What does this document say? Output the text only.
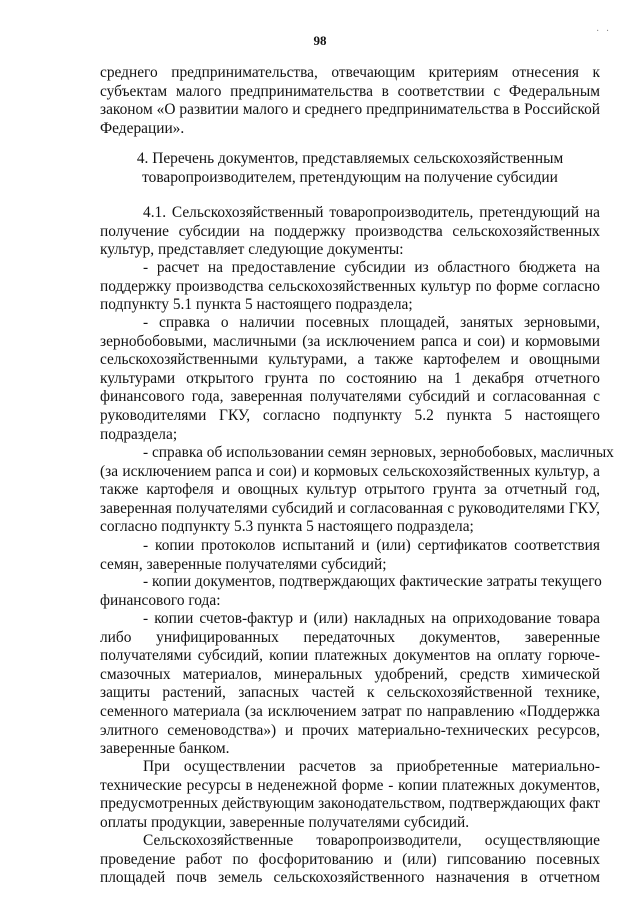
98
· ·
среднего предпринимательства, отвечающим критериям отнесения к
субъектам малого предпринимательства в соответствии с Федеральным
законом «О развитии малого и среднего предпринимательства в Российской
Федерации».
4. Перечень документов, представляемых сельскохозяйственным
товаропроизводителем, претендующим на получение субсидии
4.1. Сельскохозяйственный товаропроизводитель, претендующий на
получение субсидии на поддержку производства сельскохозяйственных
культур, представляет следующие документы:
- расчет на предоставление субсидии из областного бюджета на
поддержку производства сельскохозяйственных культур по форме согласно
подпункту 5.1 пункта 5 настоящего подраздела;
- справка о наличии посевных площадей, занятых зерновыми,
зернобобовыми, масличными (за исключением рапса и сои) и кормовыми
сельскохозяйственными культурами, а также картофелем и овощными
культурами открытого грунта по состоянию на 1 декабря отчетного
финансового года, заверенная получателями субсидий и согласованная с
руководителями ГКУ, согласно подпункту 5.2 пункта 5 настоящего
подраздела;
- справка об использовании семян зерновых, зернобобовых, масличных
(за исключением рапса и сои) и кормовых сельскохозяйственных культур, а
также картофеля и овощных культур отрытого грунта за отчетный год,
заверенная получателями субсидий и согласованная с руководителями ГКУ,
согласно подпункту 5.3 пункта 5 настоящего подраздела;
- копии протоколов испытаний и (или) сертификатов соответствия
семян, заверенные получателями субсидий;
- копии документов, подтверждающих фактические затраты текущего
финансового года:
- копии счетов-фактур и (или) накладных на оприходование товара
либо унифицированных передаточных документов, заверенные
получателями субсидий, копии платежных документов на оплату горюче-
смазочных материалов, минеральных удобрений, средств химической
защиты растений, запасных частей к сельскохозяйственной технике,
семенного материала (за исключением затрат по направлению «Поддержка
элитного семеноводства») и прочих материально-технических ресурсов,
заверенные банком.
При осуществлении расчетов за приобретенные материально-
технические ресурсы в неденежной форме - копии платежных документов,
предусмотренных действующим законодательством, подтверждающих факт
оплаты продукции, заверенные получателями субсидий.
Сельскохозяйственные товаропроизводители, осуществляющие
проведение работ по фосфоритованию и (или) гипсованию посевных
площадей почв земель сельскохозяйственного назначения в отчетном
